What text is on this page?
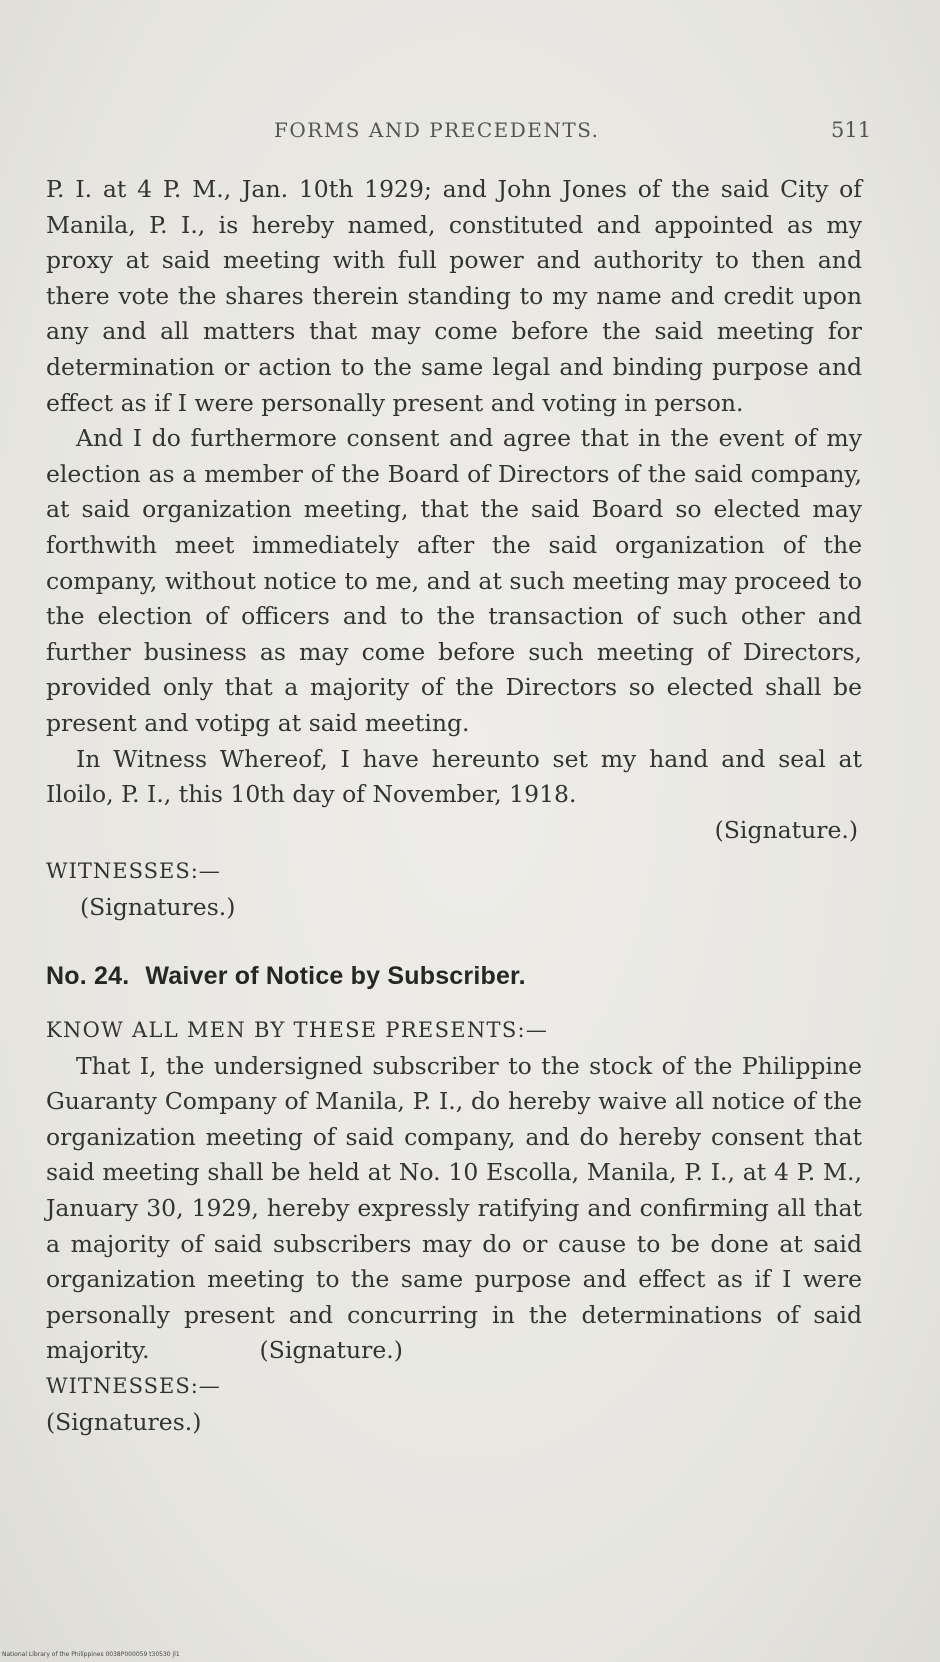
FORMS AND PRECEDENTS.	511

P. I. at 4 P. M., Jan. 10th 1929; and John Jones of the said City of Manila, P. I., is hereby named, constituted and appointed as my proxy at said meeting with full power and authority to then and there vote the shares therein standing to my name and credit upon any and all matters that may come before the said meeting for determination or action to the same legal and binding purpose and effect as if I were personally present and voting in person.

And I do furthermore consent and agree that in the event of my election as a member of the Board of Directors of the said company, at said organization meeting, that the said Board so elected may forthwith meet immediately after the said organization of the company, without notice to me, and at such meeting may proceed to the election of officers and to the transaction of such other and further business as may come before such meeting of Directors, provided only that a majority of the Directors so elected shall be present and votipg at said meeting.

In Witness Whereof, I have hereunto set my hand and seal at Iloilo, P. I., this 10th day of November, 1918.

(Signature.)

WITNESSES:—

(Signatures.)

No. 24. Waiver of Notice by Subscriber.

KNOW ALL MEN BY THESE PRESENTS:—

That I, the undersigned subscriber to the stock of the Philippine Guaranty Company of Manila, P. I., do hereby waive all notice of the organization meeting of said company, and do hereby consent that said meeting shall be held at No. 10 Escolla, Manila, P. I., at 4 P. M., January 30, 1929, hereby expressly ratifying and confirming all that a majority of said subscribers may do or cause to be done at said organization meeting to the same purpose and effect as if I were personally present and concurring in the determinations of said majority.	(Signature.)

WITNESSES:—

(Signatures.)

National Library of the Philippines 0038P000059 t30530 jl1
